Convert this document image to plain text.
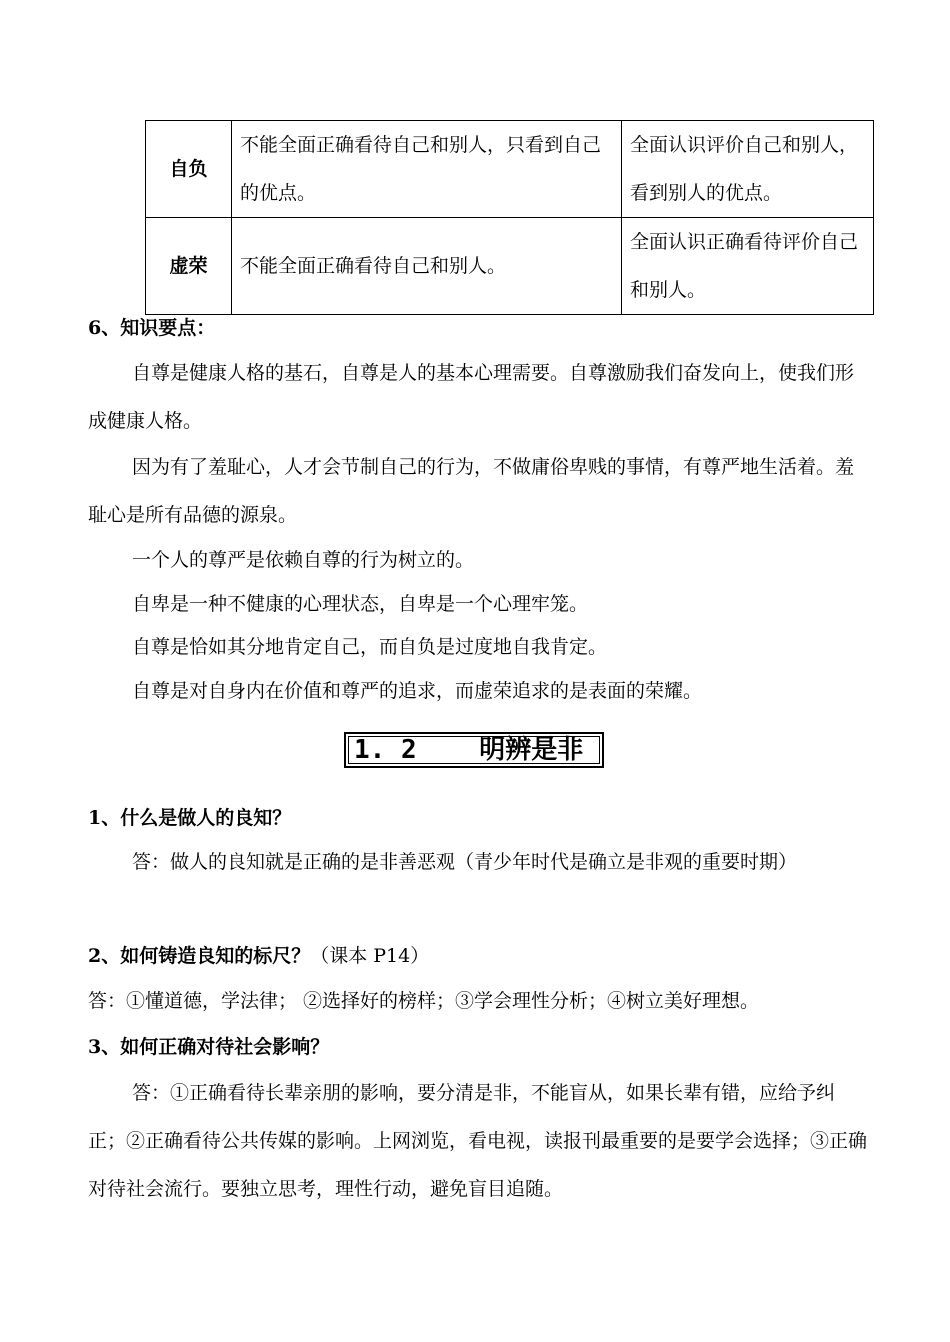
自负	不能全面正确看待自己和别人，只看到自己的优点。	全面认识评价自己和别人，看到别人的优点。
虚荣	不能全面正确看待自己和别人。	全面认识正确看待评价自己和别人。

6、知识要点：

自尊是健康人格的基石，自尊是人的基本心理需要。自尊激励我们奋发向上，使我们形成健康人格。

因为有了羞耻心，人才会节制自己的行为，不做庸俗卑贱的事情，有尊严地生活着。羞耻心是所有品德的源泉。

一个人的尊严是依赖自尊的行为树立的。

自卑是一种不健康的心理状态，自卑是一个心理牢笼。

自尊是恰如其分地肯定自己，而自负是过度地自我肯定。

自尊是对自身内在价值和尊严的追求，而虚荣追求的是表面的荣耀。

1. 2    明辨是非

1、什么是做人的良知？

答：做人的良知就是正确的是非善恶观（青少年时代是确立是非观的重要时期）

2、如何铸造良知的标尺？（课本 P14）

答：①懂道德，学法律； ②选择好的榜样；③学会理性分析；④树立美好理想。

3、如何正确对待社会影响？

答：①正确看待长辈亲朋的影响，要分清是非，不能盲从，如果长辈有错，应给予纠正；②正确看待公共传媒的影响。上网浏览，看电视，读报刊最重要的是要学会选择；③正确对待社会流行。要独立思考，理性行动，避免盲目追随。
